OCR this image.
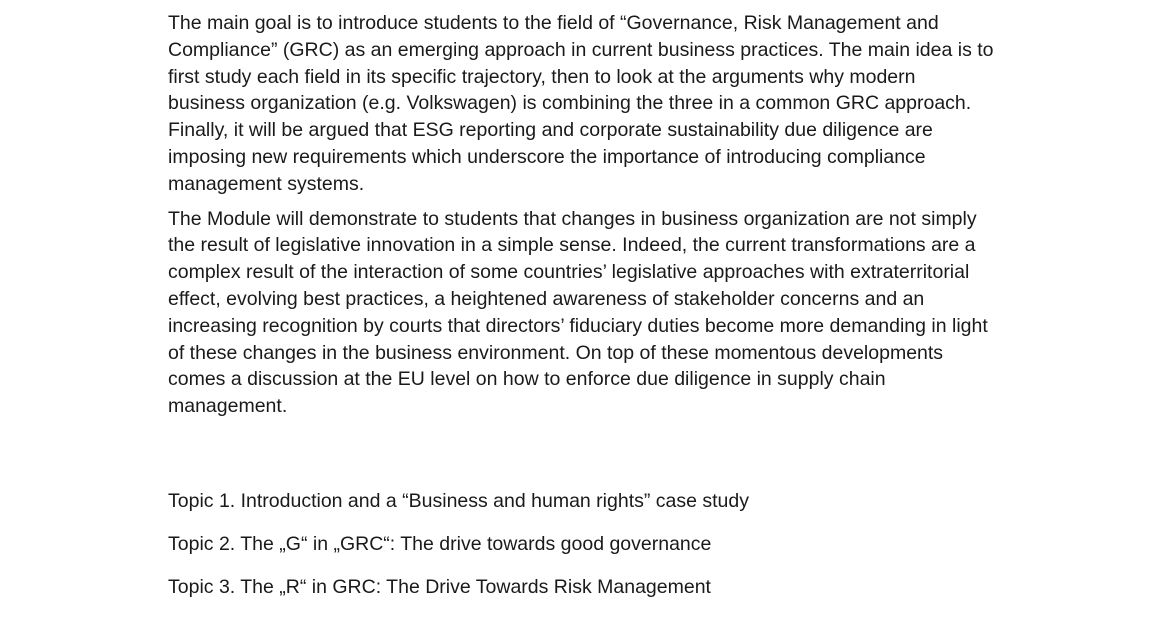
The main goal is to introduce students to the field of “Governance, Risk Management and
Compliance” (GRC) as an emerging approach in current business practices. The main idea is to
first study each field in its specific trajectory, then to look at the arguments why modern
business organization (e.g. Volkswagen) is combining the three in a common GRC approach.
Finally, it will be argued that ESG reporting and corporate sustainability due diligence are
imposing new requirements which underscore the importance of introducing compliance
management systems.

The Module will demonstrate to students that changes in business organization are not simply
the result of legislative innovation in a simple sense. Indeed, the current transformations are a
complex result of the interaction of some countries’ legislative approaches with extraterritorial
effect, evolving best practices, a heightened awareness of stakeholder concerns and an
increasing recognition by courts that directors’ fiduciary duties become more demanding in light
of these changes in the business environment. On top of these momentous developments
comes a discussion at the EU level on how to enforce due diligence in supply chain
management.

Topic 1. Introduction and a “Business and human rights” case study

Topic 2. The „G“ in „GRC“: The drive towards good governance

Topic 3. The „R“ in GRC: The Drive Towards Risk Management
